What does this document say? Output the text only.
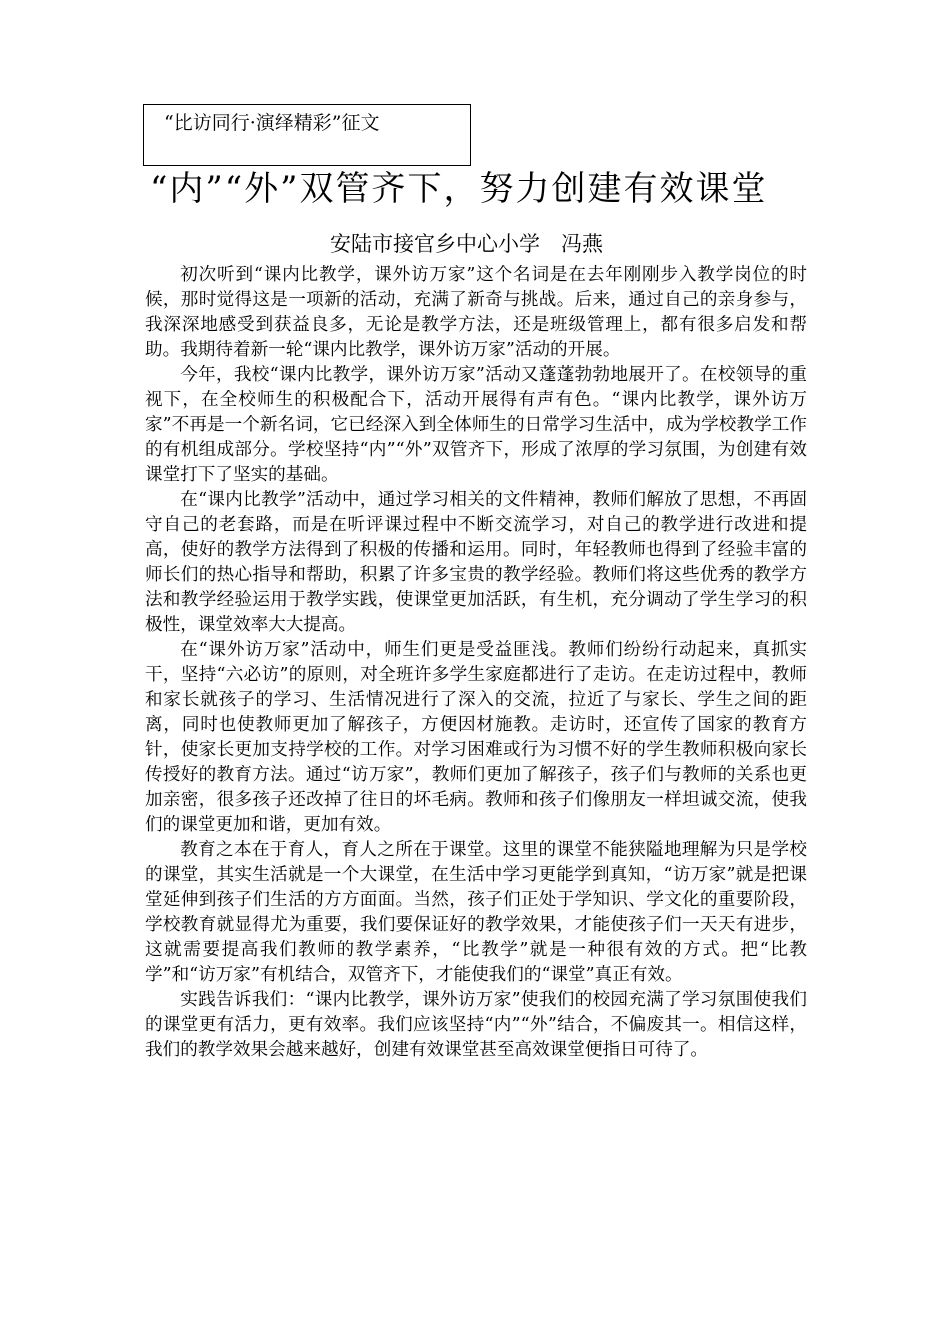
“比访同行·演绎精彩”征文
“内”“外”双管齐下，努力创建有效课堂
安陆市接官乡中心小学　冯燕

初次听到“课内比教学，课外访万家”这个名词是在去年刚刚步入教学岗位的时候，那时觉得这是一项新的活动，充满了新奇与挑战。后来，通过自己的亲身参与，我深深地感受到获益良多，无论是教学方法，还是班级管理上，都有很多启发和帮助。我期待着新一轮“课内比教学，课外访万家”活动的开展。

今年，我校“课内比教学，课外访万家”活动又蓬蓬勃勃地展开了。在校领导的重视下，在全校师生的积极配合下，活动开展得有声有色。“课内比教学，课外访万家”不再是一个新名词，它已经深入到全体师生的日常学习生活中，成为学校教学工作的有机组成部分。学校坚持“内”“外”双管齐下，形成了浓厚的学习氛围，为创建有效课堂打下了坚实的基础。

在“课内比教学”活动中，通过学习相关的文件精神，教师们解放了思想，不再固守自己的老套路，而是在听评课过程中不断交流学习，对自己的教学进行改进和提高，使好的教学方法得到了积极的传播和运用。同时，年轻教师也得到了经验丰富的师长们的热心指导和帮助，积累了许多宝贵的教学经验。教师们将这些优秀的教学方法和教学经验运用于教学实践，使课堂更加活跃，有生机，充分调动了学生学习的积极性，课堂效率大大提高。

在“课外访万家”活动中，师生们更是受益匪浅。教师们纷纷行动起来，真抓实干，坚持“六必访”的原则，对全班许多学生家庭都进行了走访。在走访过程中，教师和家长就孩子的学习、生活情况进行了深入的交流，拉近了与家长、学生之间的距离，同时也使教师更加了解孩子，方便因材施教。走访时，还宣传了国家的教育方针，使家长更加支持学校的工作。对学习困难或行为习惯不好的学生教师积极向家长传授好的教育方法。通过“访万家”，教师们更加了解孩子，孩子们与教师的关系也更加亲密，很多孩子还改掉了往日的坏毛病。教师和孩子们像朋友一样坦诚交流，使我们的课堂更加和谐，更加有效。

教育之本在于育人，育人之所在于课堂。这里的课堂不能狭隘地理解为只是学校的课堂，其实生活就是一个大课堂，在生活中学习更能学到真知，“访万家”就是把课堂延伸到孩子们生活的方方面面。当然，孩子们正处于学知识、学文化的重要阶段，学校教育就显得尤为重要，我们要保证好的教学效果，才能使孩子们一天天有进步，这就需要提高我们教师的教学素养，“比教学”就是一种很有效的方式。把“比教学”和“访万家”有机结合，双管齐下，才能使我们的“课堂”真正有效。

实践告诉我们：“课内比教学，课外访万家”使我们的校园充满了学习氛围使我们的课堂更有活力，更有效率。我们应该坚持“内”“外”结合，不偏废其一。相信这样，我们的教学效果会越来越好，创建有效课堂甚至高效课堂便指日可待了。
